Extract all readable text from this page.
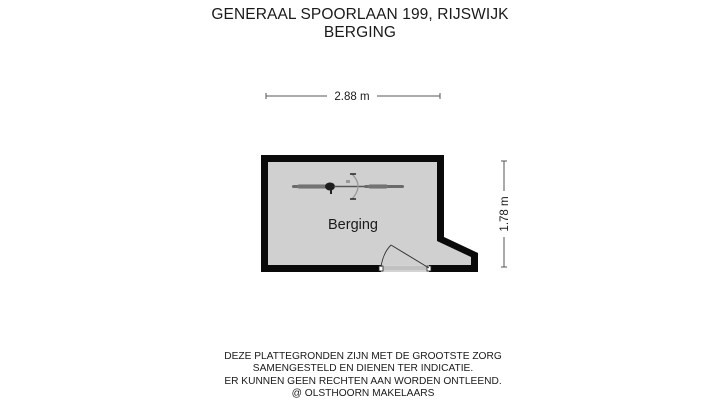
GENERAAL SPOORLAAN 199, RIJSWIJK
BERGING
2.88 m
1.78 m
Berging
DEZE PLATTEGRONDEN ZIJN MET DE GROOTSTE ZORG
SAMENGESTELD EN DIENEN TER INDICATIE.
ER KUNNEN GEEN RECHTEN AAN WORDEN ONTLEEND.
@ OLSTHOORN MAKELAARS
